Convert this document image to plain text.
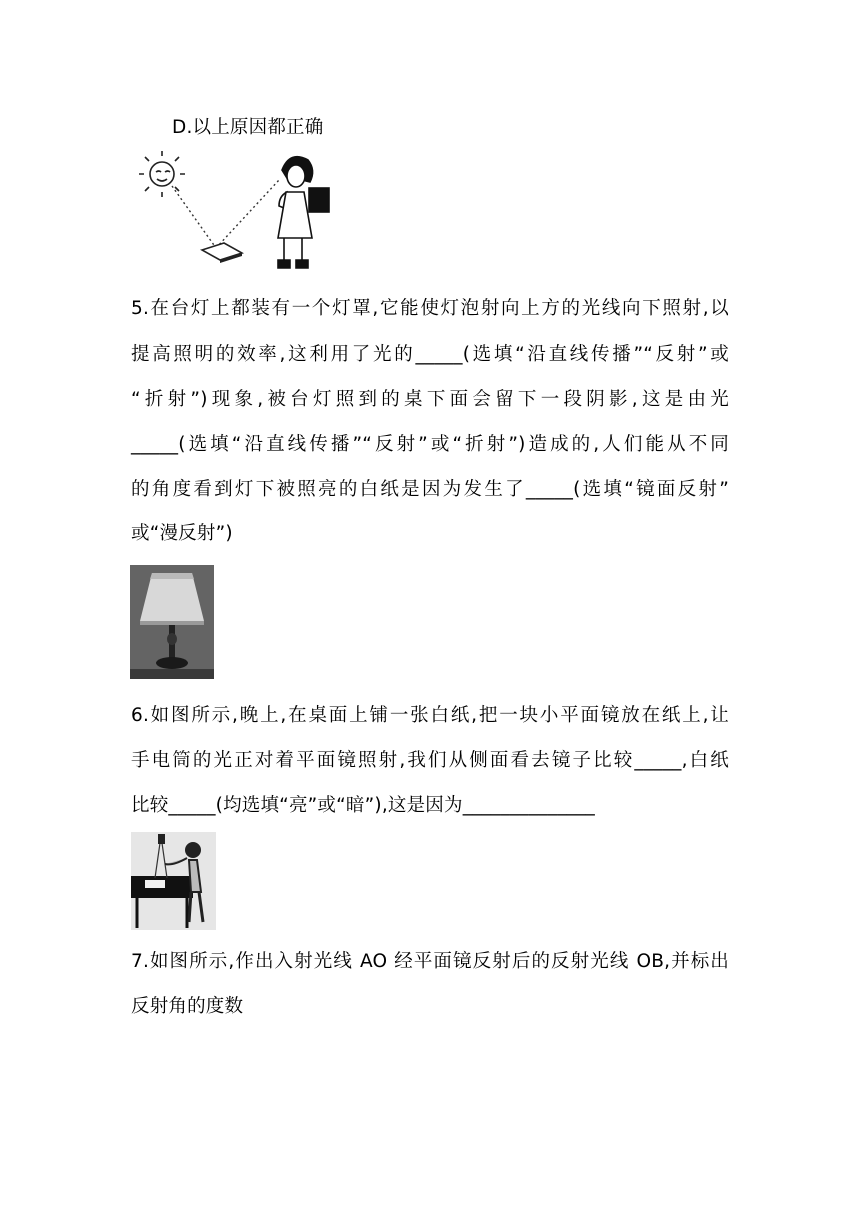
D.以上原因都正确
5.在台灯上都装有一个灯罩,它能使灯泡射向上方的光线向下照射,以
提高照明的效率,这利用了光的_____(选填“沿直线传播”“反射”或
“折射”)现象,被台灯照到的桌下面会留下一段阴影,这是由光
_____(选填“沿直线传播”“反射”或“折射”)造成的,人们能从不同
的角度看到灯下被照亮的白纸是因为发生了_____(选填“镜面反射”
或“漫反射”)
6.如图所示,晚上,在桌面上铺一张白纸,把一块小平面镜放在纸上,让
手电筒的光正对着平面镜照射,我们从侧面看去镜子比较_____,白纸
比较_____(均选填“亮”或“暗”),这是因为______________
7.如图所示,作出入射光线 AO 经平面镜反射后的反射光线 OB,并标出
反射角的度数
